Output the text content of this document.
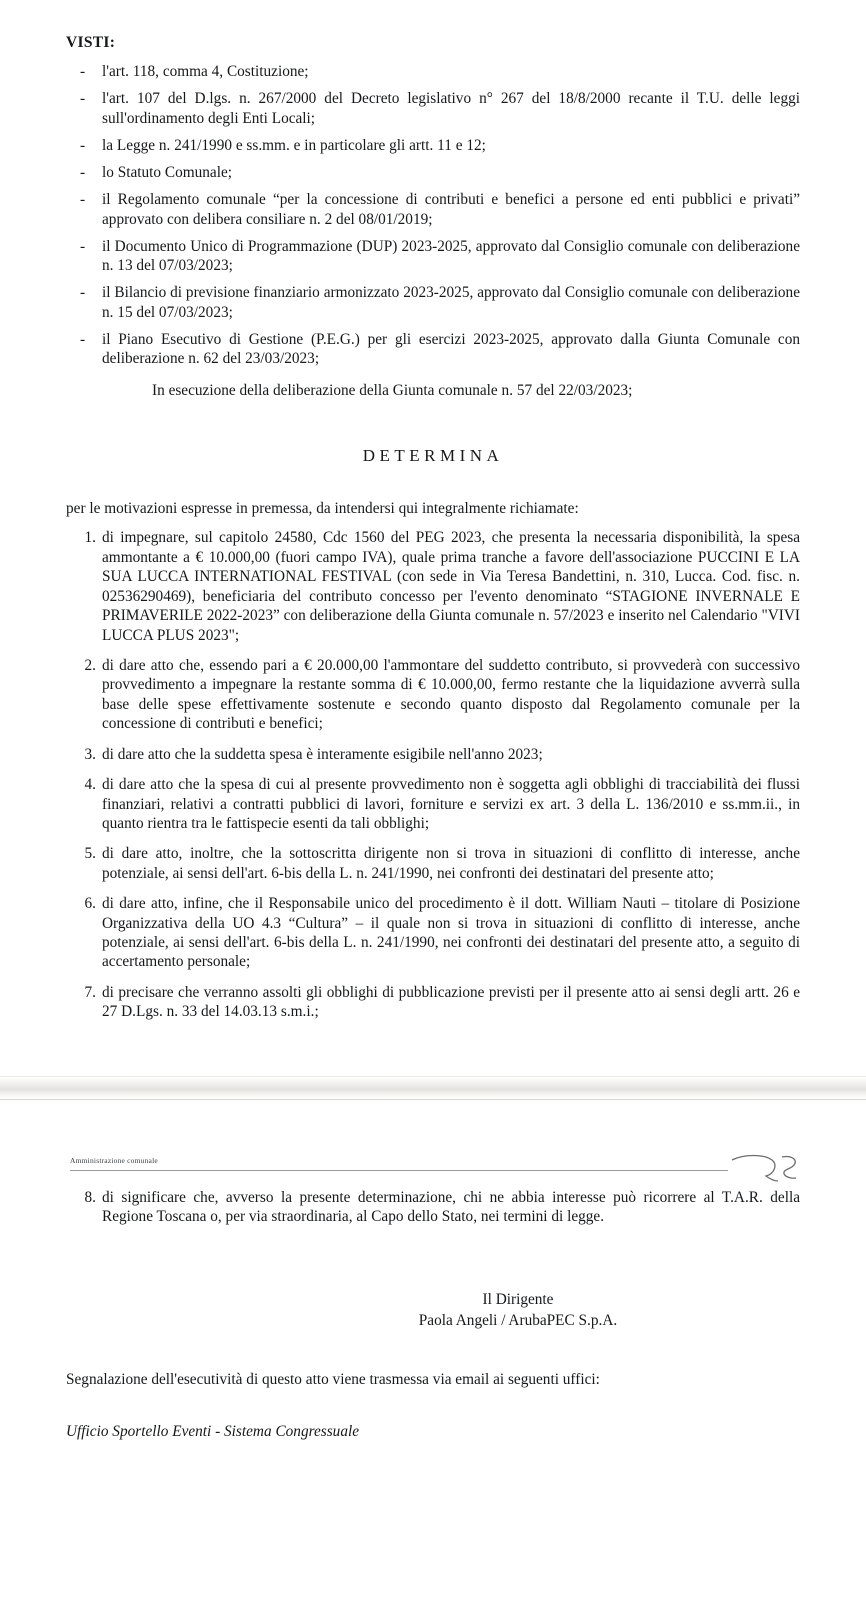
VISTI:
- l'art. 118, comma 4, Costituzione;
- l'art. 107 del D.lgs. n. 267/2000 del Decreto legislativo n° 267 del 18/8/2000 recante il T.U. delle leggi sull'ordinamento degli Enti Locali;
- la Legge n. 241/1990 e ss.mm. e in particolare gli artt. 11 e 12;
- lo Statuto Comunale;
- il Regolamento comunale “per la concessione di contributi e benefici a persone ed enti pubblici e privati” approvato con delibera consiliare n. 2 del 08/01/2019;
- il Documento Unico di Programmazione (DUP) 2023-2025, approvato dal Consiglio comunale con deliberazione n. 13 del 07/03/2023;
- il Bilancio di previsione finanziario armonizzato 2023-2025, approvato dal Consiglio comunale con deliberazione n. 15 del 07/03/2023;
- il Piano Esecutivo di Gestione (P.E.G.) per gli esercizi 2023-2025, approvato dalla Giunta Comunale con deliberazione n. 62 del 23/03/2023;

In esecuzione della deliberazione della Giunta comunale n. 57 del 22/03/2023;

DETERMINA

per le motivazioni espresse in premessa, da intendersi qui integralmente richiamate:

1. di impegnare, sul capitolo 24580, Cdc 1560 del PEG 2023, che presenta la necessaria disponibilità, la spesa ammontante a € 10.000,00 (fuori campo IVA), quale prima tranche a favore dell'associazione PUCCINI E LA SUA LUCCA INTERNATIONAL FESTIVAL (con sede in Via Teresa Bandettini, n. 310, Lucca. Cod. fisc. n. 02536290469), beneficiaria del contributo concesso per l'evento denominato “STAGIONE INVERNALE E PRIMAVERILE 2022-2023” con deliberazione della Giunta comunale n. 57/2023 e inserito nel Calendario "VIVI LUCCA PLUS 2023";
2. di dare atto che, essendo pari a € 20.000,00 l'ammontare del suddetto contributo, si provvederà con successivo provvedimento a impegnare la restante somma di € 10.000,00, fermo restante che la liquidazione avverrà sulla base delle spese effettivamente sostenute e secondo quanto disposto dal Regolamento comunale per la concessione di contributi e benefici;
3. di dare atto che la suddetta spesa è interamente esigibile nell'anno 2023;
4. di dare atto che la spesa di cui al presente provvedimento non è soggetta agli obblighi di tracciabilità dei flussi finanziari, relativi a contratti pubblici di lavori, forniture e servizi ex art. 3 della L. 136/2010 e ss.mm.ii., in quanto rientra tra le fattispecie esenti da tali obblighi;
5. di dare atto, inoltre, che la sottoscritta dirigente non si trova in situazioni di conflitto di interesse, anche potenziale, ai sensi dell'art. 6-bis della L. n. 241/1990, nei confronti dei destinatari del presente atto;
6. di dare atto, infine, che il Responsabile unico del procedimento è il dott. William Nauti – titolare di Posizione Organizzativa della UO 4.3 “Cultura” – il quale non si trova in situazioni di conflitto di interesse, anche potenziale, ai sensi dell'art. 6-bis della L. n. 241/1990, nei confronti dei destinatari del presente atto, a seguito di accertamento personale;
7. di precisare che verranno assolti gli obblighi di pubblicazione previsti per il presente atto ai sensi degli artt. 26 e 27 D.Lgs. n. 33 del 14.03.13 s.m.i.;
Amministrazione comunale
8. di significare che, avverso la presente determinazione, chi ne abbia interesse può ricorrere al T.A.R. della Regione Toscana o, per via straordinaria, al Capo dello Stato, nei termini di legge.
Il Dirigente
Paola Angeli / ArubaPEC S.p.A.

Segnalazione dell'esecutività di questo atto viene trasmessa via email ai seguenti uffici:

Ufficio Sportello Eventi - Sistema Congressuale
